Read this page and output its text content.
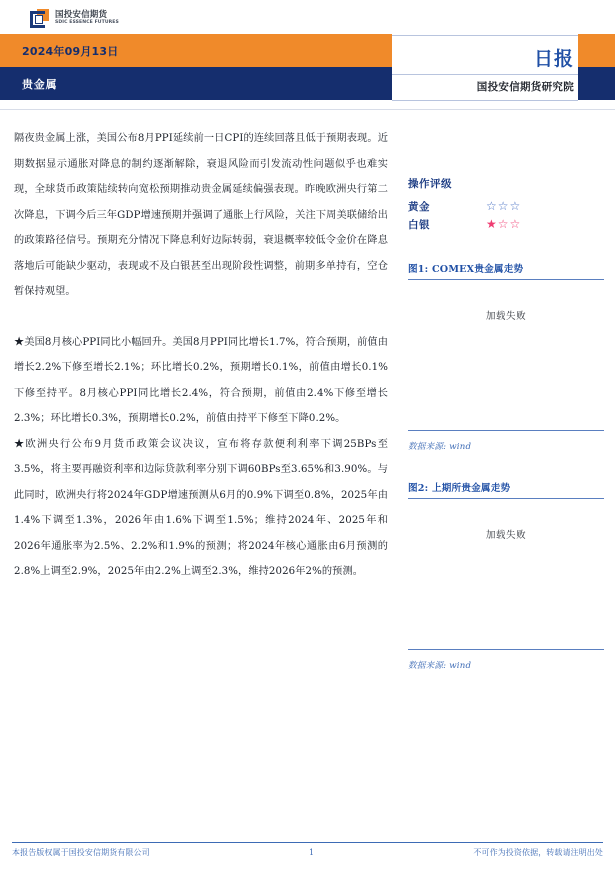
国投安信期货
SDIC ESSENCE FUTURES
2024年09月13日
贵金属
日报
国投安信期货研究院
隔夜贵金属上涨，美国公布8月PPI延续前一日CPI的连续回落且低于预期表现。近期数据显示通胀对降息的制约逐渐解除，衰退风险而引发流动性问题似乎也难实现，全球货币政策陆续转向宽松预期推动贵金属延续偏强表现。昨晚欧洲央行第二次降息，下调今后三年GDP增速预期并强调了通胀上行风险，关注下周美联储给出的政策路径信号。预期充分情况下降息利好边际转弱，衰退概率较低令金价在降息落地后可能缺少驱动，表现或不及白银甚至出现阶段性调整，前期多单持有，空仓暂保持观望。
★美国8月核心PPI同比小幅回升。美国8月PPI同比增长1.7%，符合预期，前值由增长2.2%下修至增长2.1%；环比增长0.2%，预期增长0.1%，前值由增长0.1%下修至持平。8月核心PPI同比增长2.4%，符合预期，前值由2.4%下修至增长2.3%；环比增长0.3%，预期增长0.2%，前值由持平下修至下降0.2%。
★欧洲央行公布9月货币政策会议决议，宣布将存款便利利率下调25BPs至3.5%，将主要再融资利率和边际贷款利率分别下调60BPs至3.65%和3.90%。与此同时，欧洲央行将2024年GDP增速预测从6月的0.9%下调至0.8%，2025年由1.4%下调至1.3%，2026年由1.6%下调至1.5%；维持2024年、2025年和2026年通胀率为2.5%、2.2%和1.9%的预测；将2024年核心通胀由6月预测的2.8%上调至2.9%，2025年由2.2%上调至2.3%，维持2026年2%的预测。
操作评级
黄金	☆ ☆ ☆
白银	★ ☆ ☆
图1: COMEX贵金属走势
加载失败
数据来源: wind
图2: 上期所贵金属走势
加载失败
数据来源: wind
本报告版权属于国投安信期货有限公司	1	不可作为投资依据，转载请注明出处
